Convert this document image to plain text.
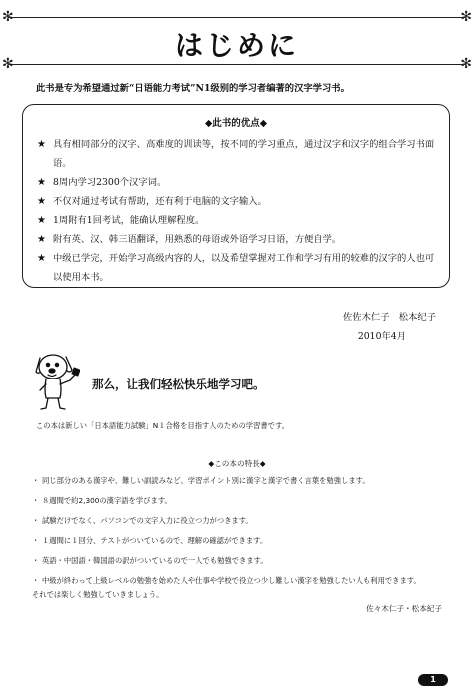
✻	✻
✻	✻
はじめに
此书是专为希望通过新“日语能力考试”N1级别的学习者编著的汉字学习书。
◆此书的优点◆
★ 具有相同部分的汉字、高难度的训读等，按不同的学习重点，通过汉字和汉字的组合学习书面语。
★ 8周内学习2300个汉字词。
★ 不仅对通过考试有帮助，还有利于电脑的文字输入。
★ 1周附有1回考试，能确认理解程度。
★ 附有英、汉、韩三语翻译，用熟悉的母语或外语学习日语，方便自学。
★ 中级已学完，开始学习高级内容的人，以及希望掌握对工作和学习有用的较难的汉字的人也可以使用本书。
佐佐木仁子　松本纪子
2010年4月
那么，让我们轻松快乐地学习吧。
この本は新しい「日本語能力試験」N１合格を目指す人のための学習書です。
◆この本の特長◆
・ 同じ部分のある漢字や、難しい訓読みなど、学習ポイント別に漢字と漢字で書く言葉を勉強します。
・ ８週間で約2,300の漢字語を学びます。
・ 試験だけでなく、パソコンでの文字入力に役立つ力がつきます。
・ １週間に１回分、テストがついているので、理解の確認ができます。
・ 英語・中国語・韓国語の訳がついているので一人でも勉強できます。
・ 中級が終わって上級レベルの勉強を始めた人や仕事や学校で役立つ少し難しい漢字を勉強したい人も利用できます。
それでは楽しく勉強していきましょう。
佐々木仁子・松本紀子
1
